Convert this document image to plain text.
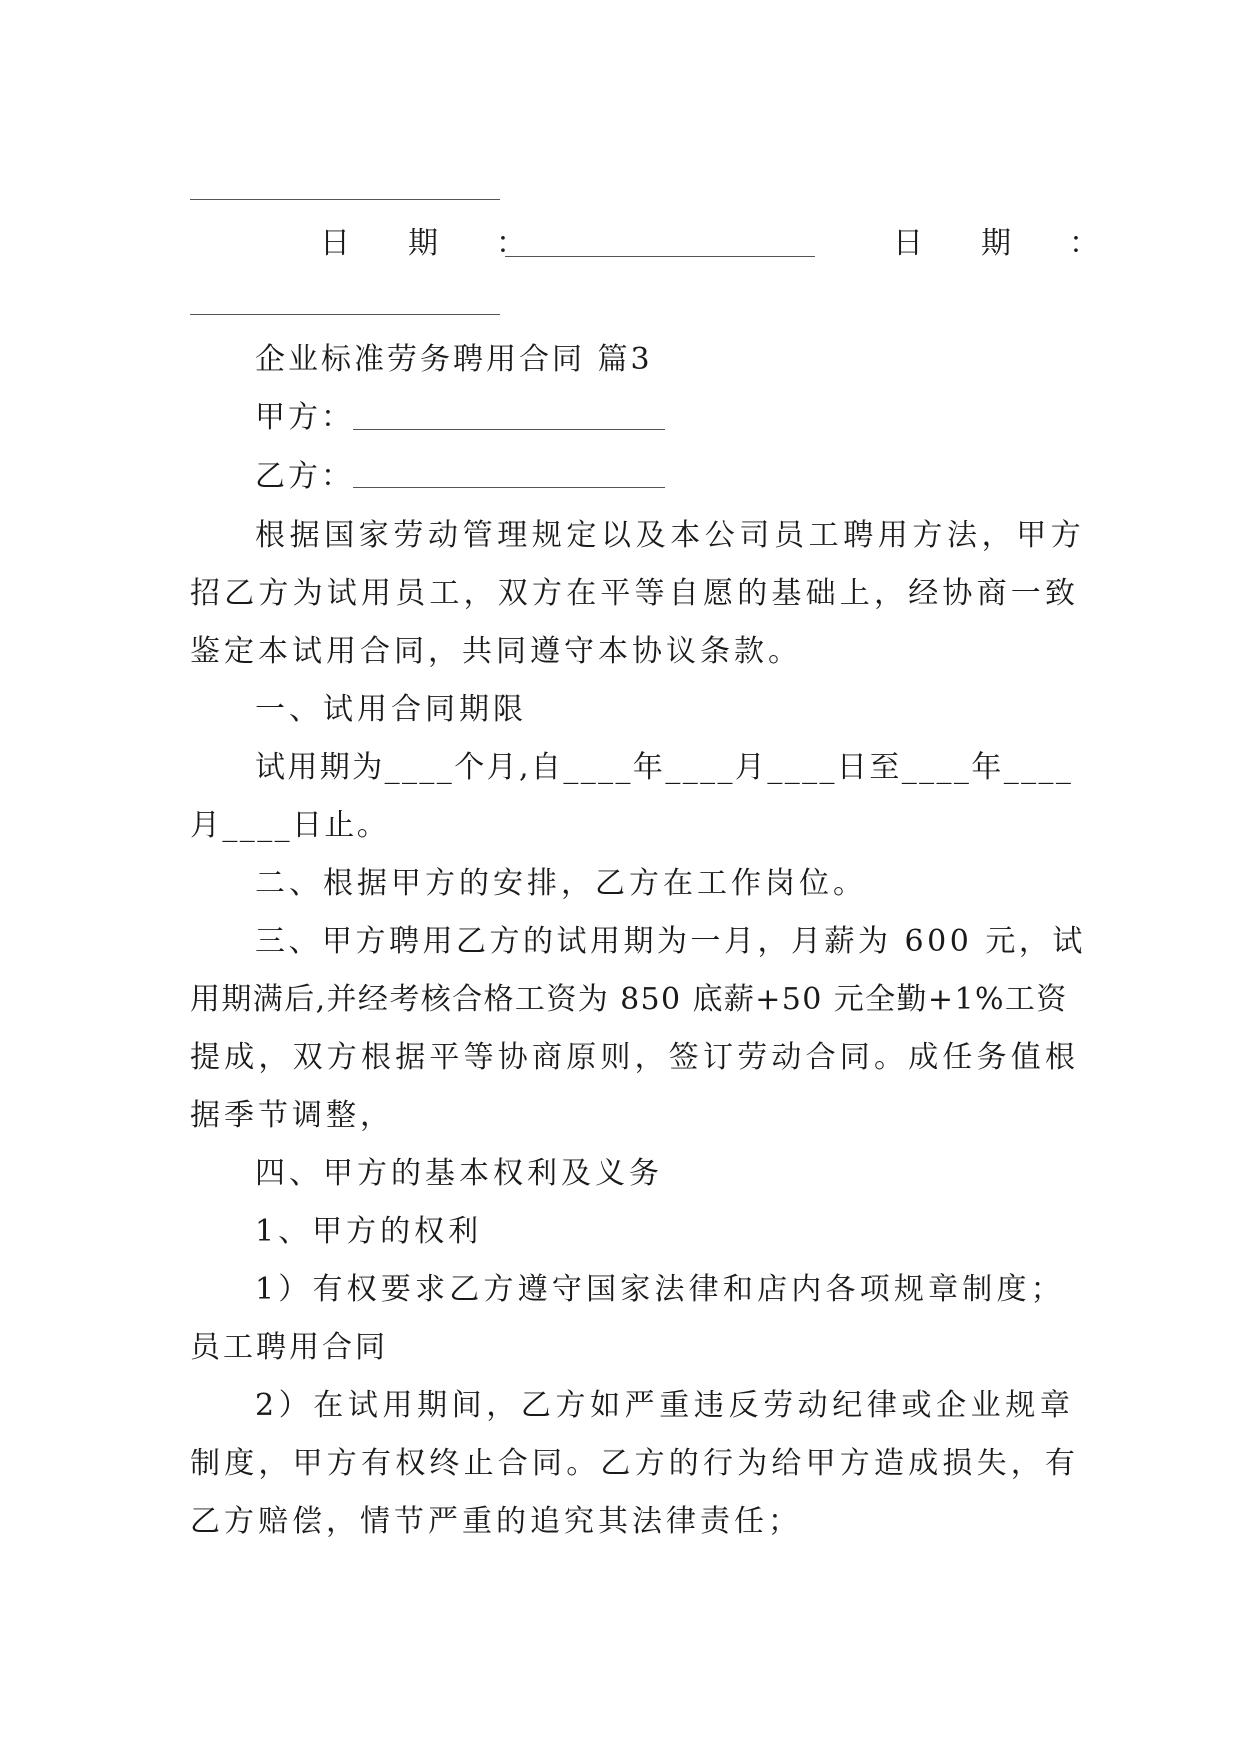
日　期　：	日　期　：
企业标准劳务聘用合同 篇3
甲方：
乙方：
根据国家劳动管理规定以及本公司员工聘用方法，甲方
招乙方为试用员工，双方在平等自愿的基础上，经协商一致
鉴定本试用合同，共同遵守本协议条款。
一、试用合同期限
试用期为____个月,自____年____月____日至____年____
月____日止。
二、根据甲方的安排，乙方在工作岗位。
三、甲方聘用乙方的试用期为一月，月薪为 600 元，试
用期满后,并经考核合格工资为 850 底薪+50 元全勤+1%工资
提成，双方根据平等协商原则，签订劳动合同。成任务值根
据季节调整，
四、甲方的基本权利及义务
1、甲方的权利
1）有权要求乙方遵守国家法律和店内各项规章制度；
员工聘用合同
2）在试用期间，乙方如严重违反劳动纪律或企业规章
制度，甲方有权终止合同。乙方的行为给甲方造成损失，有
乙方赔偿，情节严重的追究其法律责任；
